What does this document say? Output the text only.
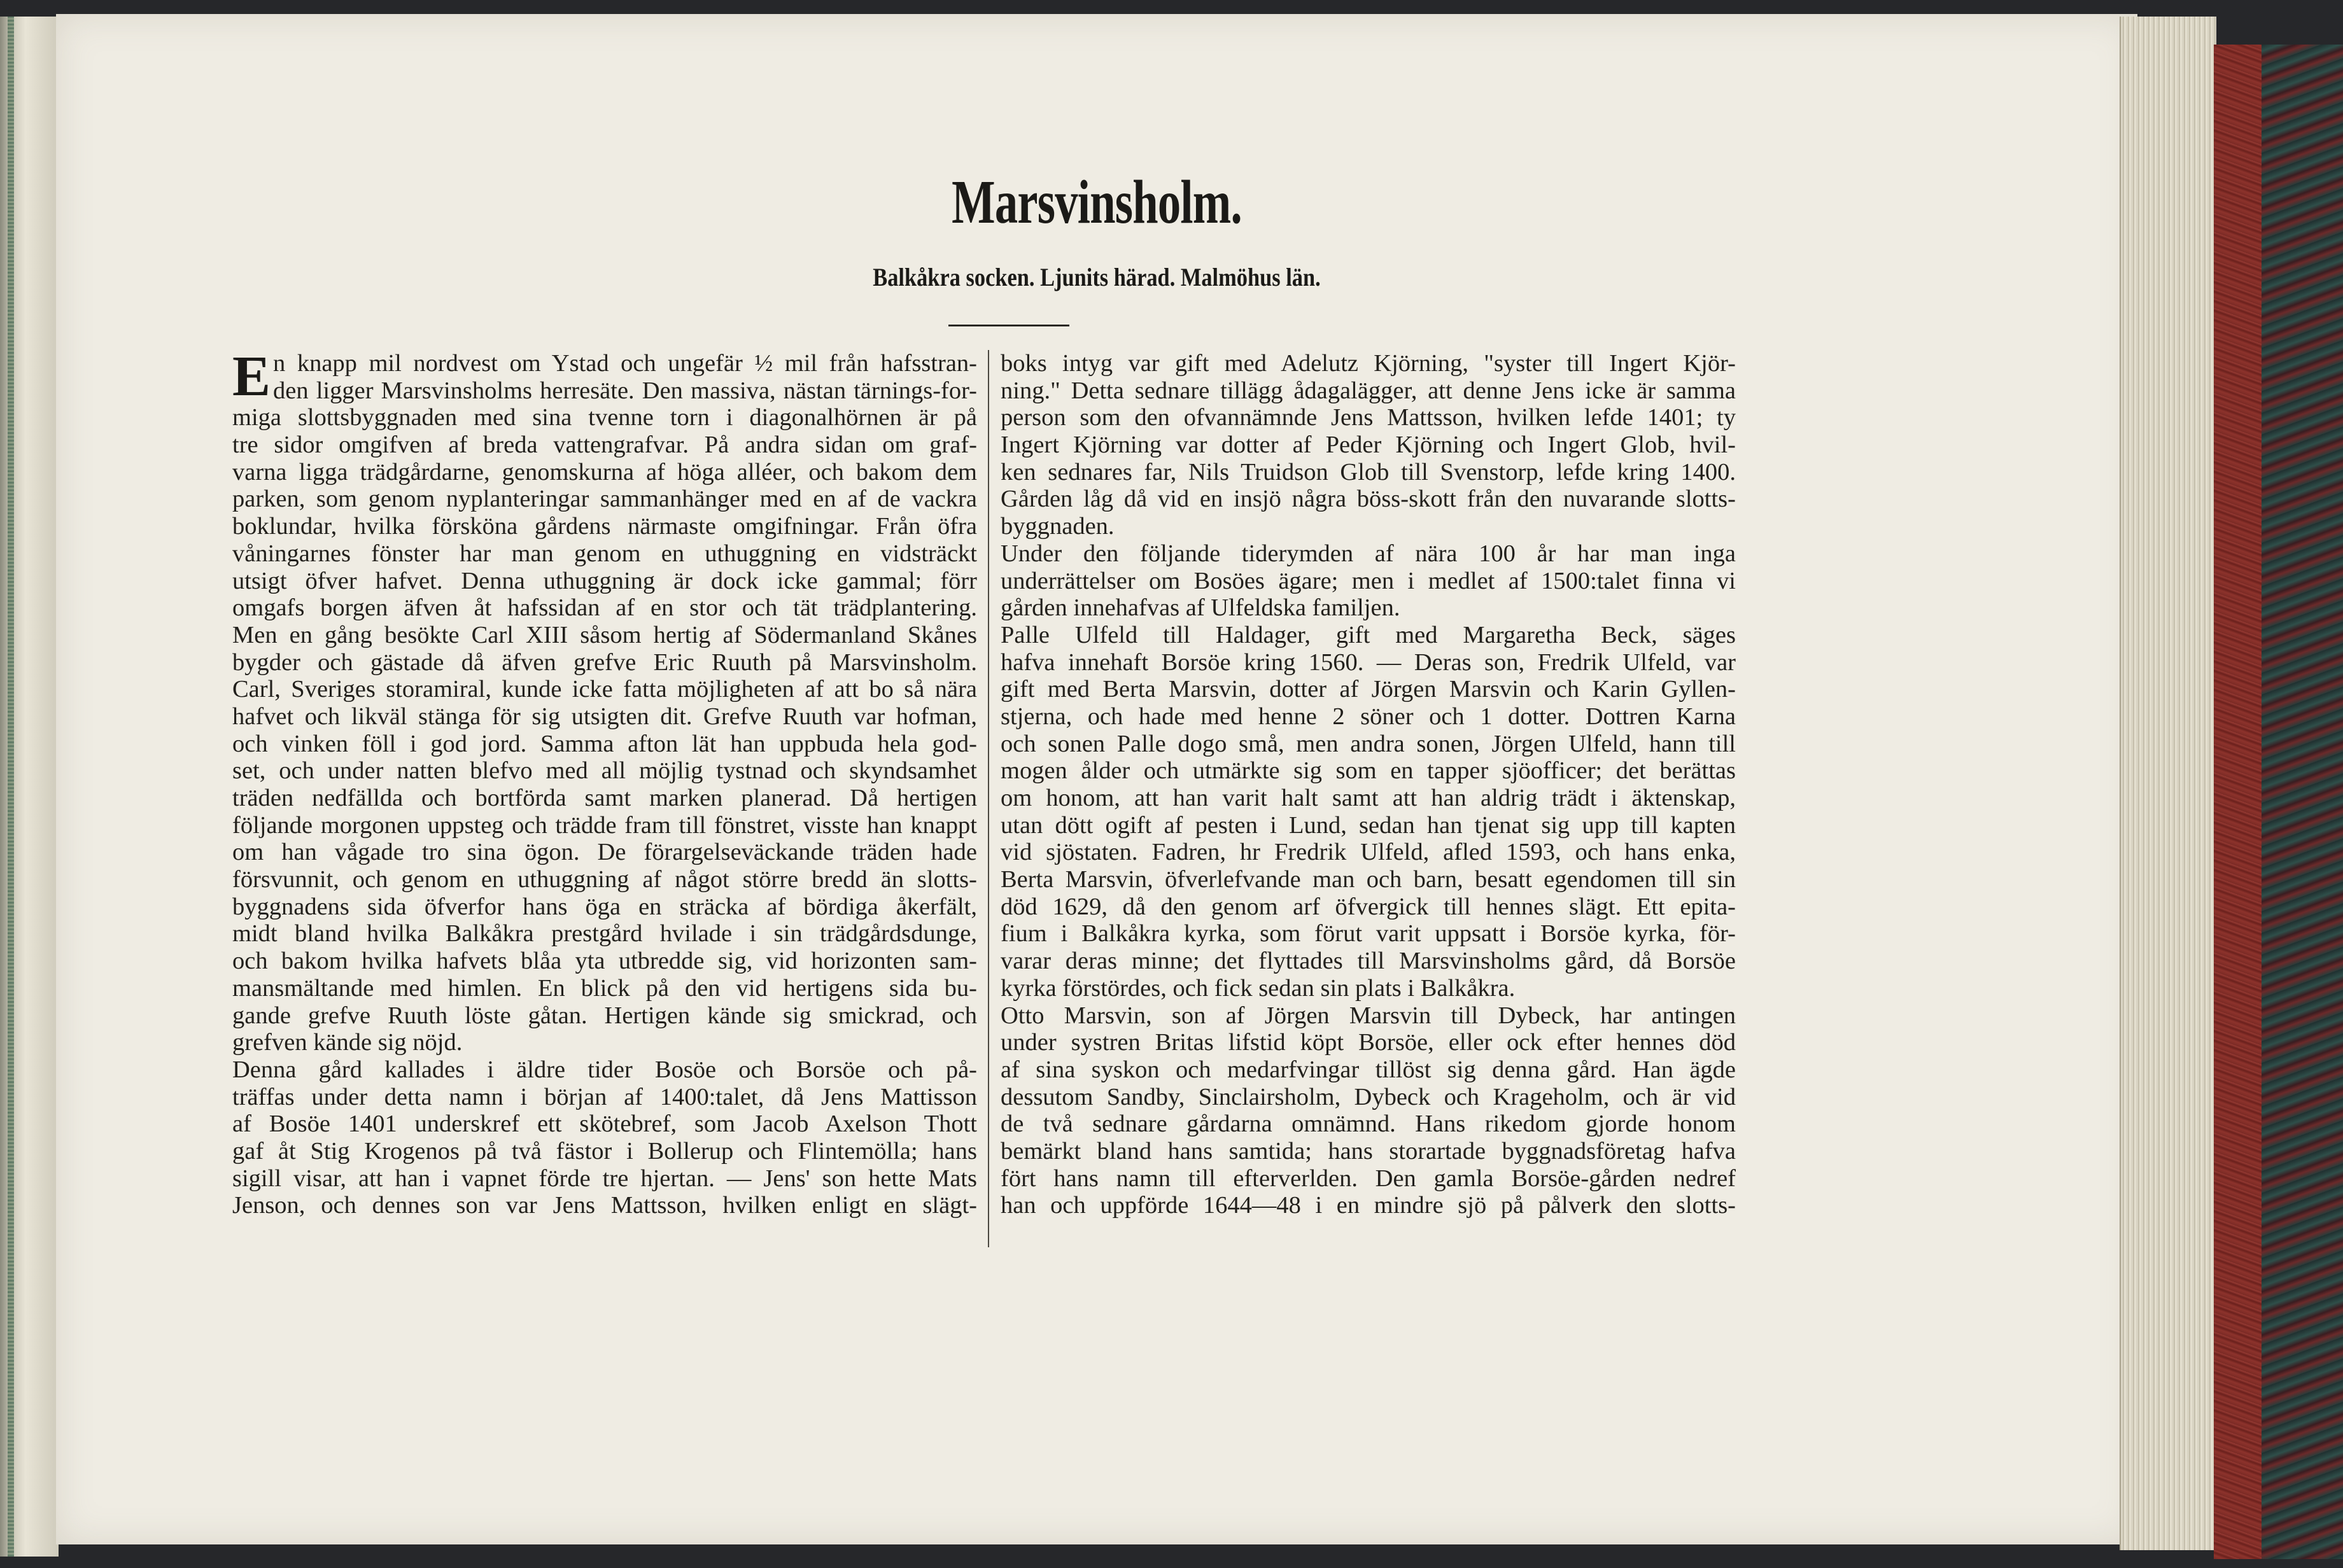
Marsvinsholm.
Balkåkra socken. Ljunits härad. Malmöhus län.
E n knapp mil nordvest om Ystad och ungefär ½ mil från hafsstran-
den ligger Marsvinsholms herresäte. Den massiva, nästan tärnings-for-
miga slottsbyggnaden med sina tvenne torn i diagonalhörnen är på
tre sidor omgifven af breda vattengrafvar. På andra sidan om graf-
varna ligga trädgårdarne, genomskurna af höga alléer, och bakom dem
parken, som genom nyplanteringar sammanhänger med en af de vackra
boklundar, hvilka försköna gårdens närmaste omgifningar. Från öfra
våningarnes fönster har man genom en uthuggning en vidsträckt
utsigt öfver hafvet. Denna uthuggning är dock icke gammal; förr
omgafs borgen äfven åt hafssidan af en stor och tät trädplantering.
Men en gång besökte Carl XIII såsom hertig af Södermanland Skånes
bygder och gästade då äfven grefve Eric Ruuth på Marsvinsholm.
Carl, Sveriges storamiral, kunde icke fatta möjligheten af att bo så nära
hafvet och likväl stänga för sig utsigten dit. Grefve Ruuth var hofman,
och vinken föll i god jord. Samma afton lät han uppbuda hela god-
set, och under natten blefvo med all möjlig tystnad och skyndsamhet
träden nedfällda och bortförda samt marken planerad. Då hertigen
följande morgonen uppsteg och trädde fram till fönstret, visste han knappt
om han vågade tro sina ögon. De förargelseväckande träden hade
försvunnit, och genom en uthuggning af något större bredd än slotts-
byggnadens sida öfverfor hans öga en sträcka af bördiga åkerfält,
midt bland hvilka Balkåkra prestgård hvilade i sin trädgårdsdunge,
och bakom hvilka hafvets blåa yta utbredde sig, vid horizonten sam-
mansmältande med himlen. En blick på den vid hertigens sida bu-
gande grefve Ruuth löste gåtan. Hertigen kände sig smickrad, och
grefven kände sig nöjd.
Denna gård kallades i äldre tider Bosöe och Borsöe och på-
träffas under detta namn i början af 1400:talet, då Jens Mattisson
af Bosöe 1401 underskref ett skötebref, som Jacob Axelson Thott
gaf åt Stig Krogenos på två fästor i Bollerup och Flintemölla; hans
sigill visar, att han i vapnet förde tre hjertan. — Jens' son hette Mats
Jenson, och dennes son var Jens Mattsson, hvilken enligt en slägt-
boks intyg var gift med Adelutz Kjörning, "syster till Ingert Kjör-
ning." Detta sednare tillägg ådagalägger, att denne Jens icke är samma
person som den ofvannämnde Jens Mattsson, hvilken lefde 1401; ty
Ingert Kjörning var dotter af Peder Kjörning och Ingert Glob, hvil-
ken sednares far, Nils Truidson Glob till Svenstorp, lefde kring 1400.
Gården låg då vid en insjö några böss-skott från den nuvarande slotts-
byggnaden.
Under den följande tiderymden af nära 100 år har man inga
underrättelser om Bosöes ägare; men i medlet af 1500:talet finna vi
gården innehafvas af Ulfeldska familjen.
Palle Ulfeld till Haldager, gift med Margaretha Beck, säges
hafva innehaft Borsöe kring 1560. — Deras son, Fredrik Ulfeld, var
gift med Berta Marsvin, dotter af Jörgen Marsvin och Karin Gyllen-
stjerna, och hade med henne 2 söner och 1 dotter. Dottren Karna
och sonen Palle dogo små, men andra sonen, Jörgen Ulfeld, hann till
mogen ålder och utmärkte sig som en tapper sjöofficer; det berättas
om honom, att han varit halt samt att han aldrig trädt i äktenskap,
utan dött ogift af pesten i Lund, sedan han tjenat sig upp till kapten
vid sjöstaten. Fadren, hr Fredrik Ulfeld, afled 1593, och hans enka,
Berta Marsvin, öfverlefvande man och barn, besatt egendomen till sin
död 1629, då den genom arf öfvergick till hennes slägt. Ett epita-
fium i Balkåkra kyrka, som förut varit uppsatt i Borsöe kyrka, för-
varar deras minne; det flyttades till Marsvinsholms gård, då Borsöe
kyrka förstördes, och fick sedan sin plats i Balkåkra.
Otto Marsvin, son af Jörgen Marsvin till Dybeck, har antingen
under systren Britas lifstid köpt Borsöe, eller ock efter hennes död
af sina syskon och medarfvingar tillöst sig denna gård. Han ägde
dessutom Sandby, Sinclairsholm, Dybeck och Krageholm, och är vid
de två sednare gårdarna omnämnd. Hans rikedom gjorde honom
bemärkt bland hans samtida; hans storartade byggnadsföretag hafva
fört hans namn till efterverlden. Den gamla Borsöe-gården nedref
han och uppförde 1644—48 i en mindre sjö på pålverk den slotts-
